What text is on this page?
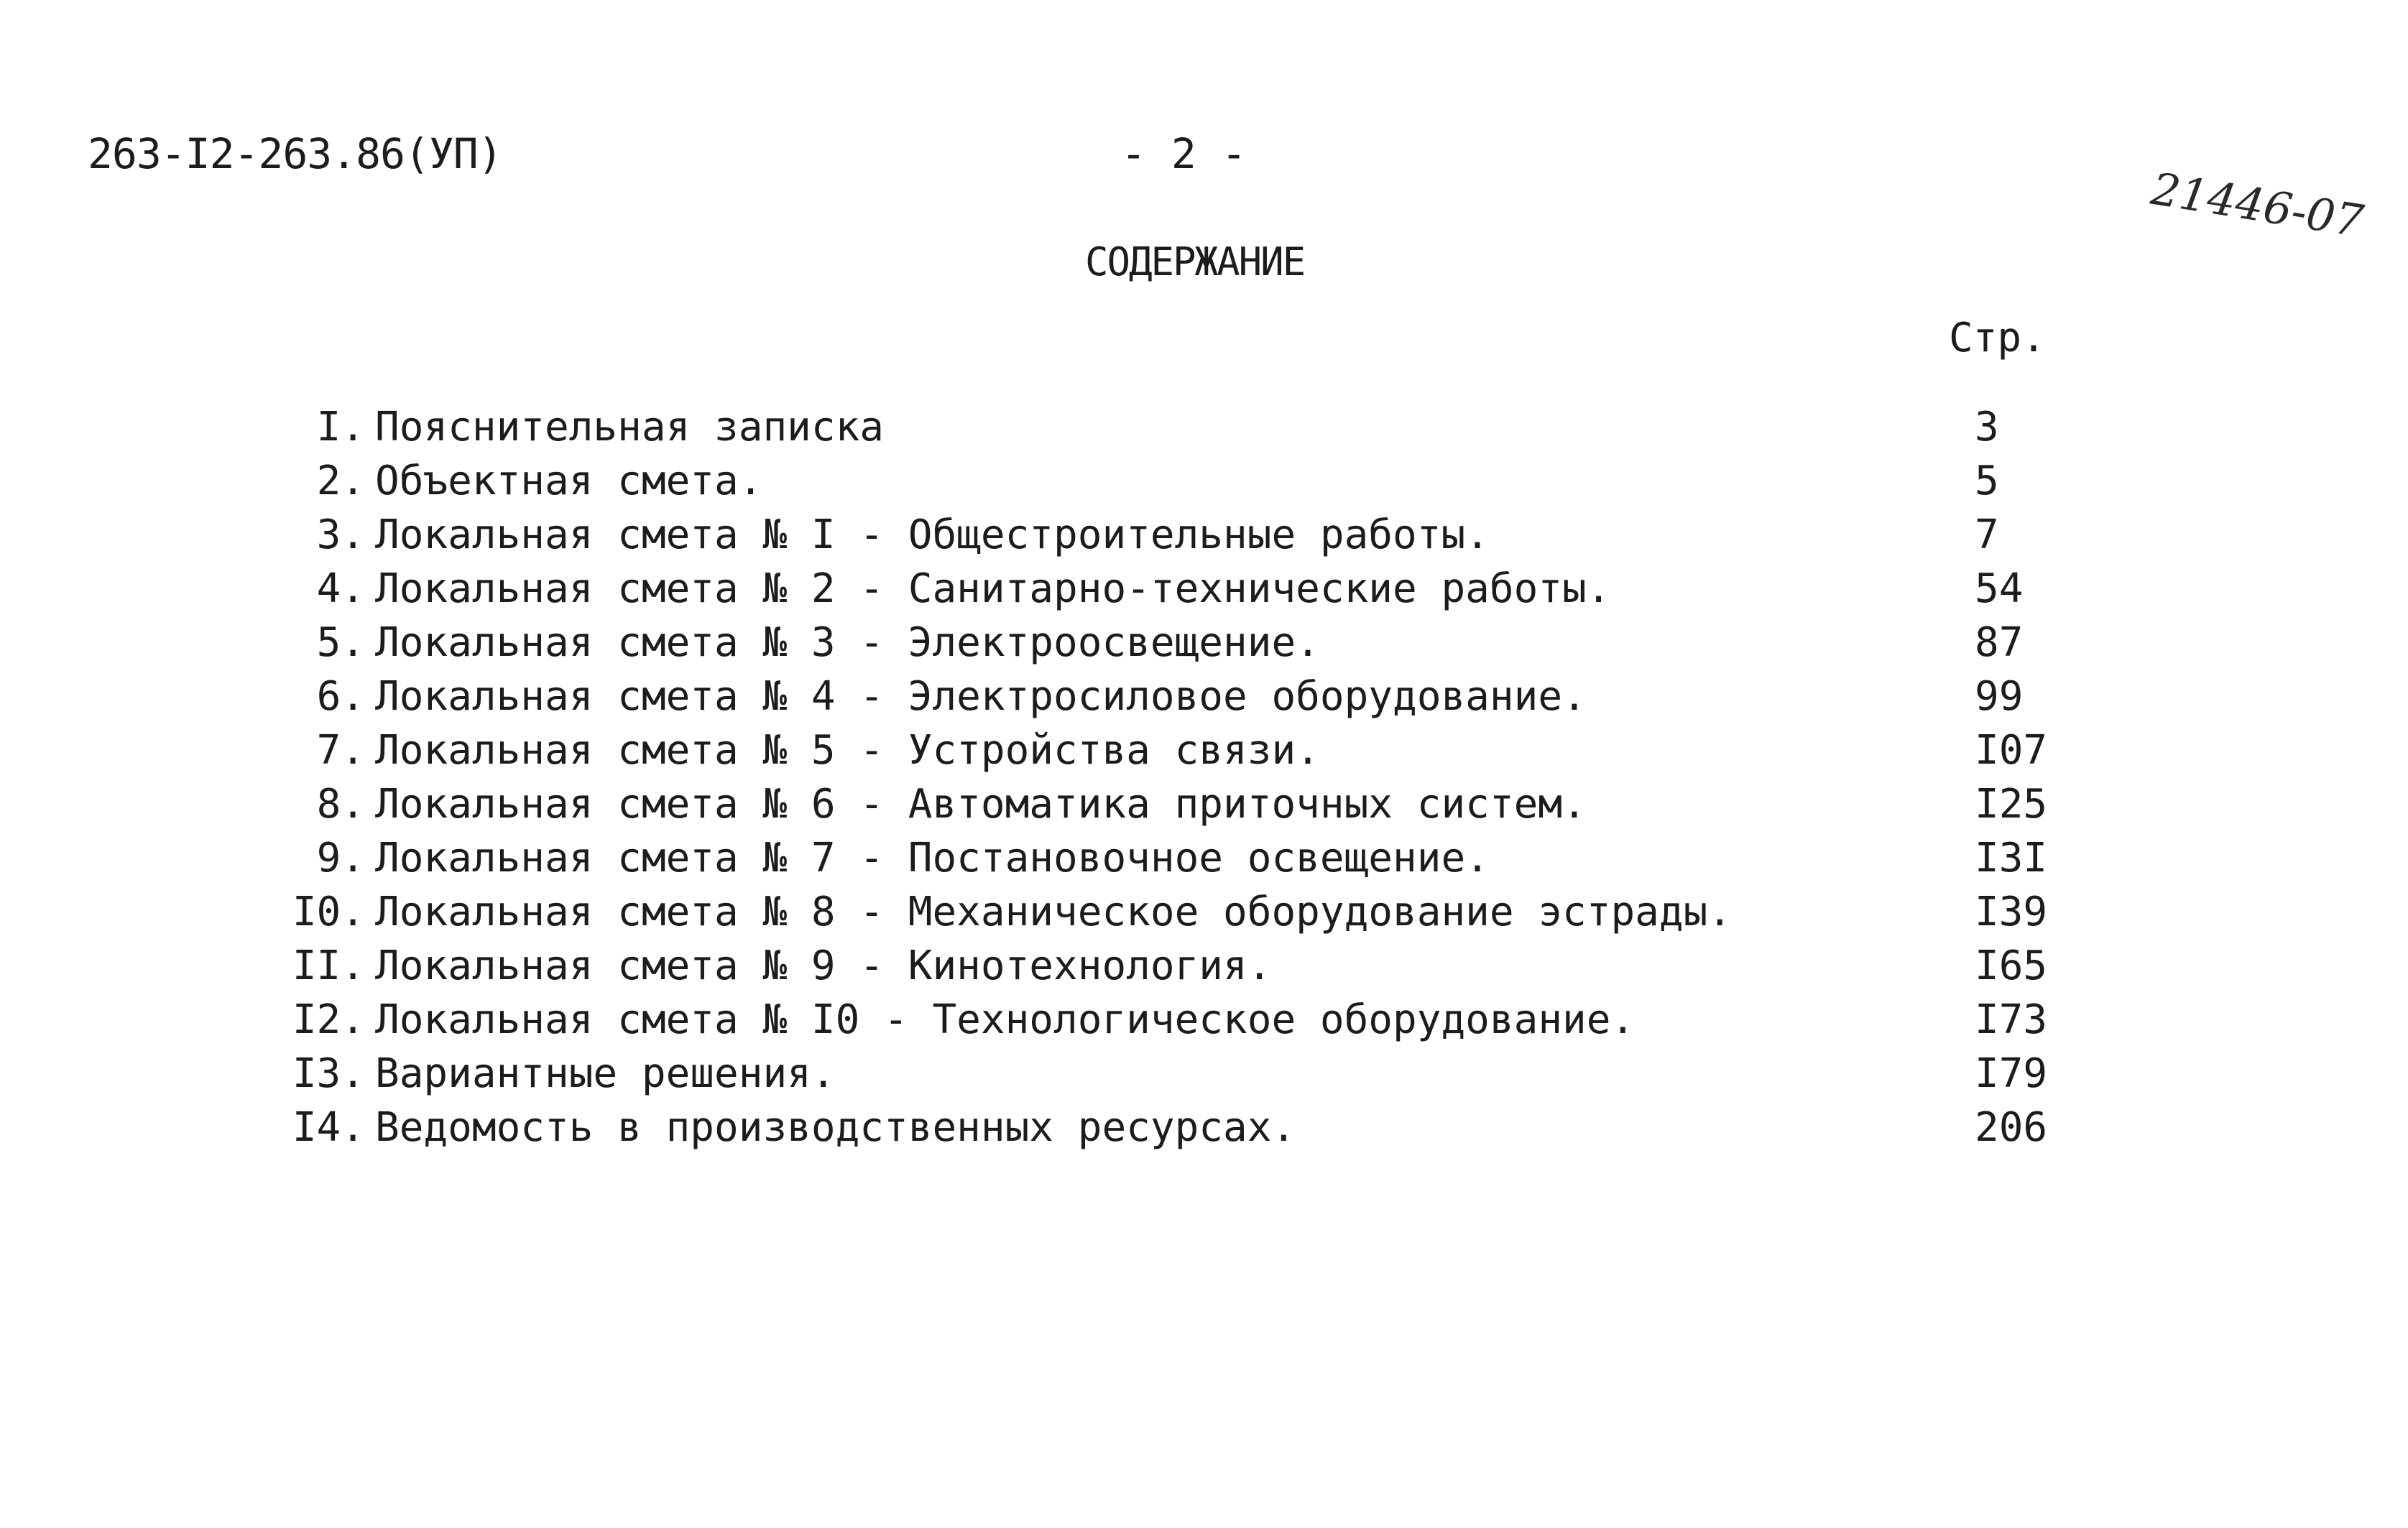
263-I2-263.86(УП)	- 2 -
21446-07
СОДЕРЖАНИЕ
Стр.
I. Пояснительная записка	3
2. Объектная смета.	5
3. Локальная смета № I - Общестроительные работы.	7
4. Локальная смета № 2 - Санитарно-технические работы.	54
5. Локальная смета № 3 - Электроосвещение.	87
6. Локальная смета № 4 - Электросиловое оборудование.	99
7. Локальная смета № 5 - Устройства связи.	I07
8. Локальная смета № 6 - Автоматика приточных систем.	I25
9. Локальная смета № 7 - Постановочное освещение.	I3I
I0. Локальная смета № 8 - Механическое оборудование эстрады.	I39
II. Локальная смета № 9 - Кинотехнология.	I65
I2. Локальная смета № I0 - Технологическое оборудование.	I73
I3. Вариантные решения.	I79
I4. Ведомость в производственных ресурсах.	206
